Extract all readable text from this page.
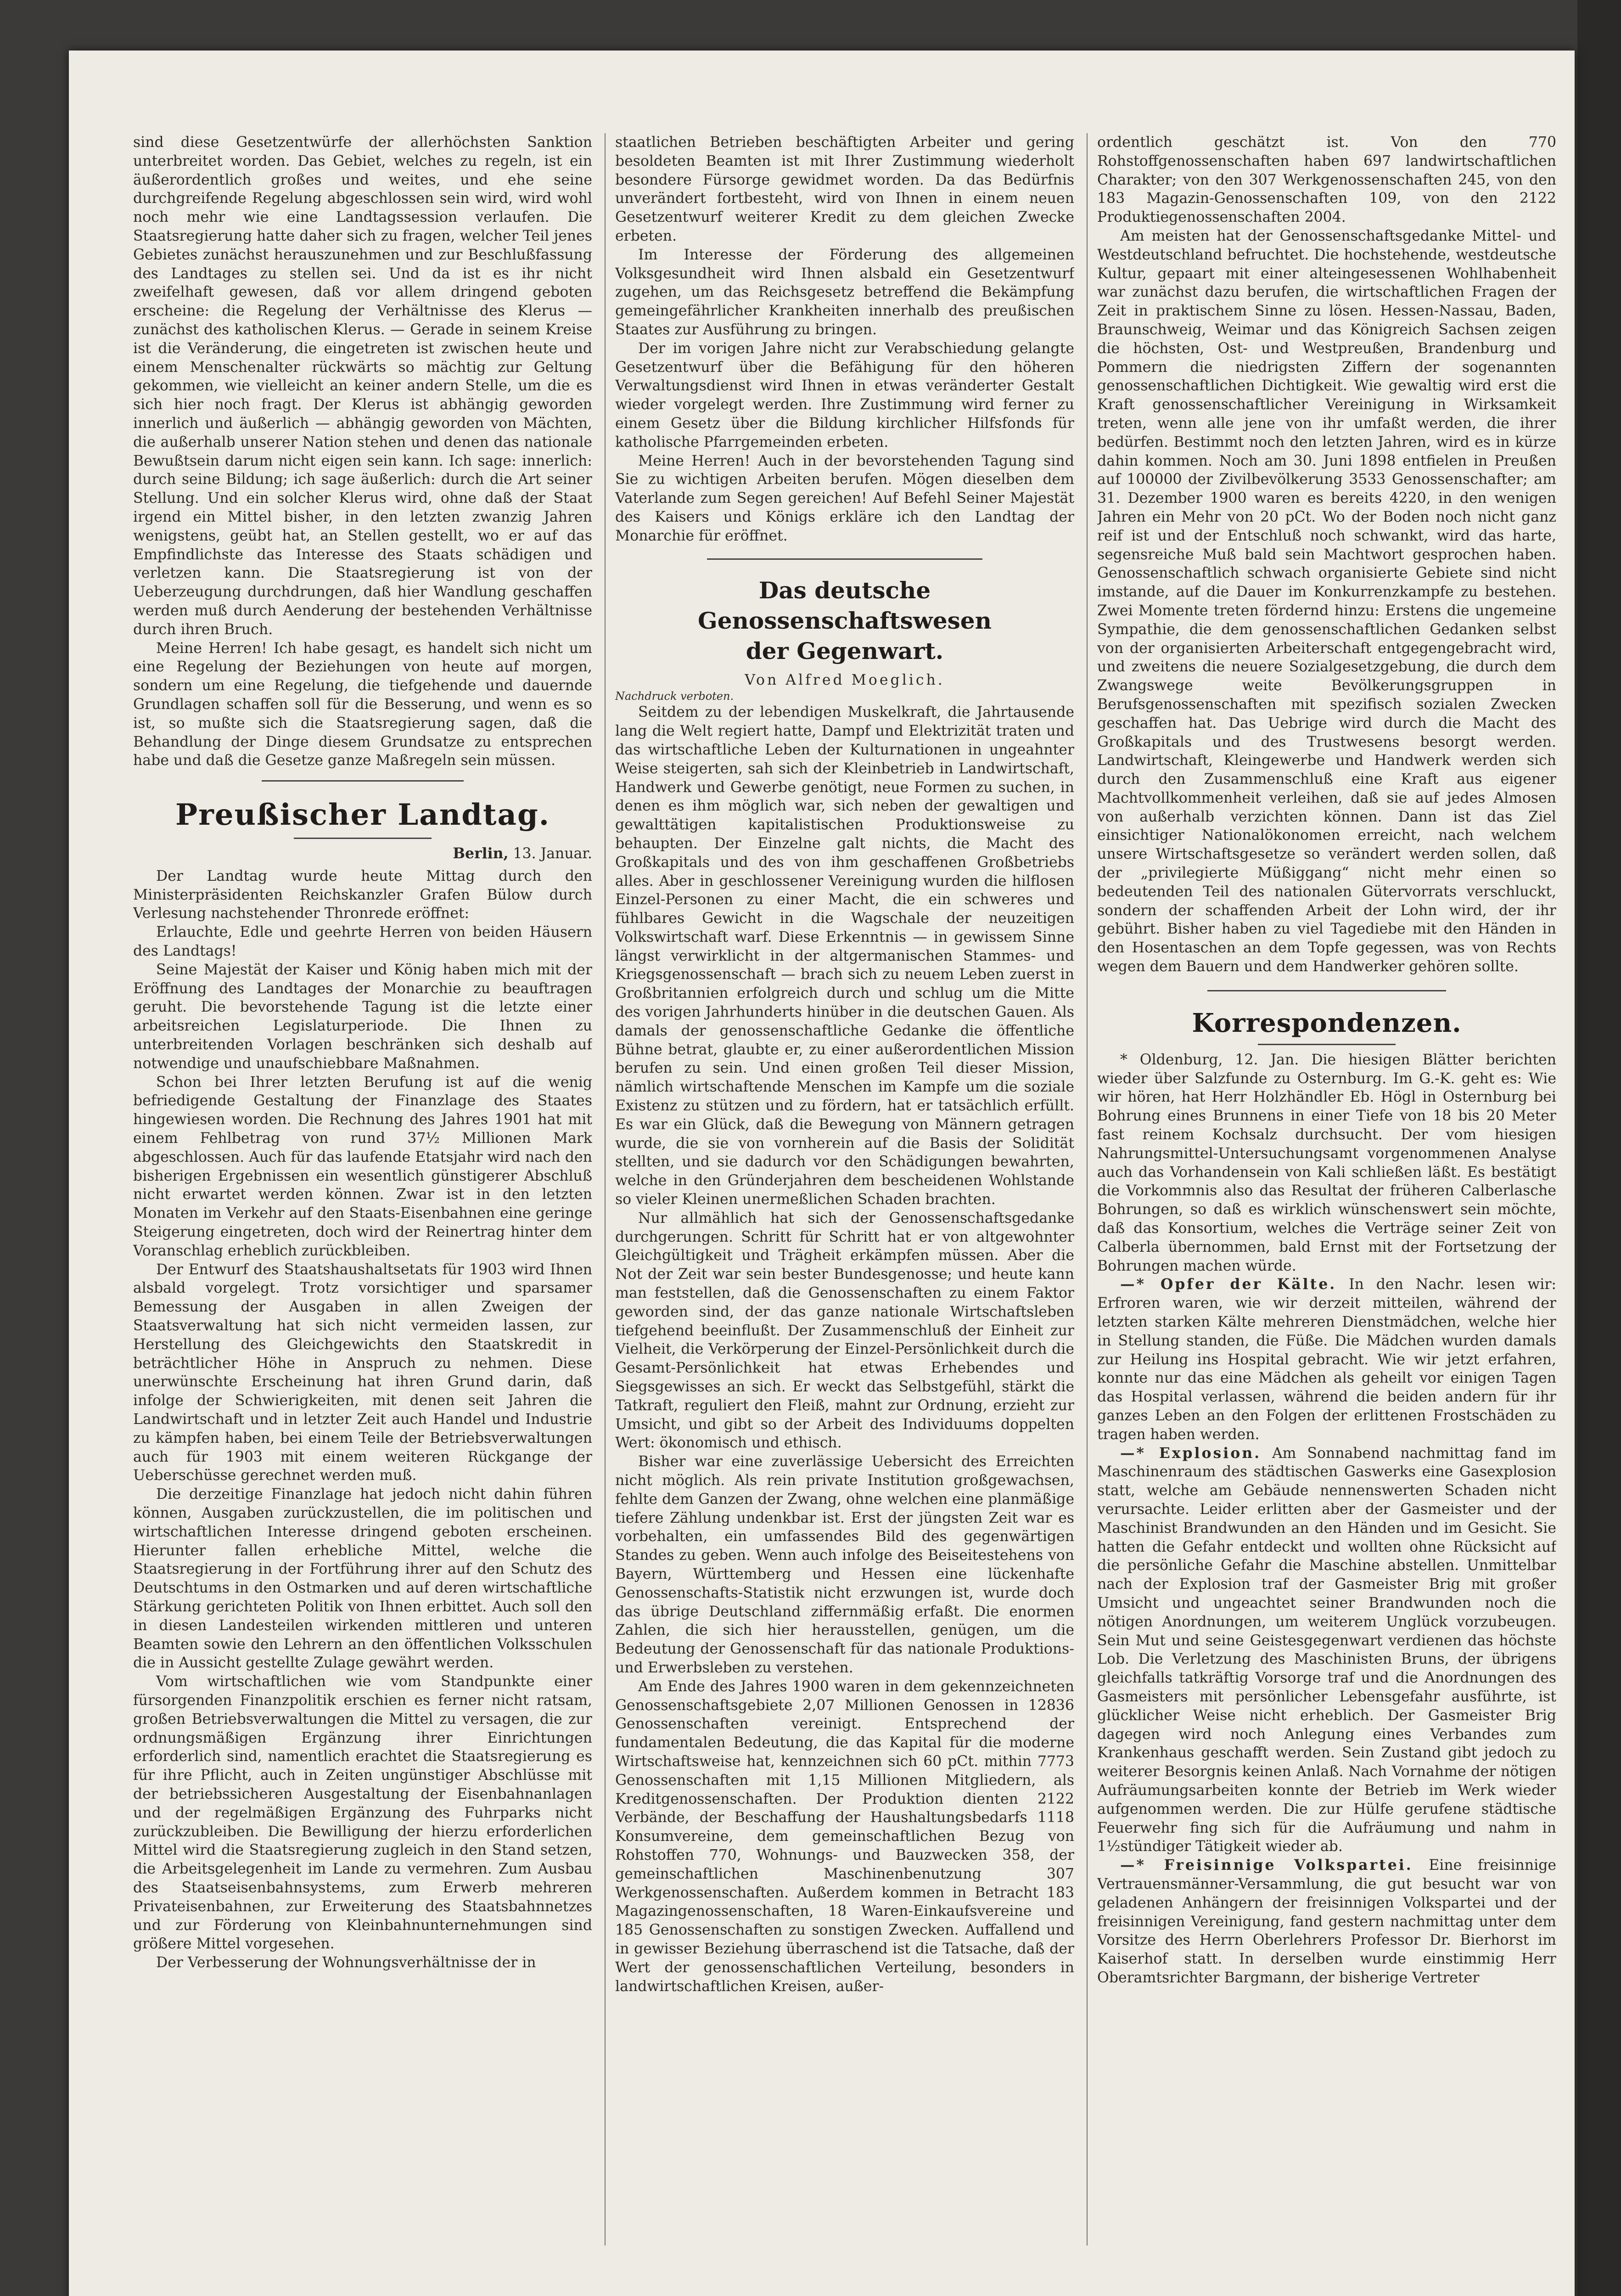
sind diese Gesetzentwürfe der allerhöchsten Sanktion unterbreitet worden. Das Gebiet, welches zu regeln, ist ein äußerordentlich großes und weites, und ehe seine durchgreifende Regelung abgeschlossen sein wird, wird wohl noch mehr wie eine Landtagssession verlaufen. Die Staatsregierung hatte daher sich zu fragen, welcher Teil jenes Gebietes zunächst herauszunehmen und zur Beschlußfassung des Landtages zu stellen sei. Und da ist es ihr nicht zweifelhaft gewesen, daß vor allem dringend geboten erscheine: die Regelung der Verhältnisse des Klerus — zunächst des katholischen Klerus. — Gerade in seinem Kreise ist die Veränderung, die eingetreten ist zwischen heute und einem Menschenalter rückwärts so mächtig zur Geltung gekommen, wie vielleicht an keiner andern Stelle, um die es sich hier noch fragt. Der Klerus ist abhängig geworden innerlich und äußerlich — abhängig geworden von Mächten, die außerhalb unserer Nation stehen und denen das nationale Bewußtsein darum nicht eigen sein kann. Ich sage: innerlich: durch seine Bildung; ich sage äußerlich: durch die Art seiner Stellung. Und ein solcher Klerus wird, ohne daß der Staat irgend ein Mittel bisher, in den letzten zwanzig Jahren wenigstens, geübt hat, an Stellen gestellt, wo er auf das Empfindlichste das Interesse des Staats schädigen und verletzen kann. Die Staatsregierung ist von der Ueberzeugung durchdrungen, daß hier Wandlung geschaffen werden muß durch Aenderung der bestehenden Verhältnisse durch ihren Bruch.

Meine Herren! Ich habe gesagt, es handelt sich nicht um eine Regelung der Beziehungen von heute auf morgen, sondern um eine Regelung, die tiefgehende und dauernde Grundlagen schaffen soll für die Besserung, und wenn es so ist, so mußte sich die Staatsregierung sagen, daß die Behandlung der Dinge diesem Grundsatze zu entsprechen habe und daß die Gesetze ganze Maßregeln sein müssen.

Preußischer Landtag.

Berlin, 13. Januar.

Der Landtag wurde heute Mittag durch den Ministerpräsidenten Reichskanzler Grafen Bülow durch Verlesung nachstehender Thronrede eröffnet:

Erlauchte, Edle und geehrte Herren von beiden Häusern des Landtags!

Seine Majestät der Kaiser und König haben mich mit der Eröffnung des Landtages der Monarchie zu beauftragen geruht. Die bevorstehende Tagung ist die letzte einer arbeitsreichen Legislaturperiode. Die Ihnen zu unterbreitenden Vorlagen beschränken sich deshalb auf notwendige und unaufschiebbare Maßnahmen.

Schon bei Ihrer letzten Berufung ist auf die wenig befriedigende Gestaltung der Finanzlage des Staates hingewiesen worden. Die Rechnung des Jahres 1901 hat mit einem Fehlbetrag von rund 37½ Millionen Mark abgeschlossen. Auch für das laufende Etatsjahr wird nach den bisherigen Ergebnissen ein wesentlich günstigerer Abschluß nicht erwartet werden können. Zwar ist in den letzten Monaten im Verkehr auf den Staats-Eisenbahnen eine geringe Steigerung eingetreten, doch wird der Reinertrag hinter dem Voranschlag erheblich zurückbleiben.

Der Entwurf des Staatshaushaltsetats für 1903 wird Ihnen alsbald vorgelegt. Trotz vorsichtiger und sparsamer Bemessung der Ausgaben in allen Zweigen der Staatsverwaltung hat sich nicht vermeiden lassen, zur Herstellung des Gleichgewichts den Staatskredit in beträchtlicher Höhe in Anspruch zu nehmen. Diese unerwünschte Erscheinung hat ihren Grund darin, daß infolge der Schwierigkeiten, mit denen seit Jahren die Landwirtschaft und in letzter Zeit auch Handel und Industrie zu kämpfen haben, bei einem Teile der Betriebsverwaltungen auch für 1903 mit einem weiteren Rückgange der Ueberschüsse gerechnet werden muß.

Die derzeitige Finanzlage hat jedoch nicht dahin führen können, Ausgaben zurückzustellen, die im politischen und wirtschaftlichen Interesse dringend geboten erscheinen. Hierunter fallen erhebliche Mittel, welche die Staatsregierung in der Fortführung ihrer auf den Schutz des Deutschtums in den Ostmarken und auf deren wirtschaftliche Stärkung gerichteten Politik von Ihnen erbittet. Auch soll den in diesen Landesteilen wirkenden mittleren und unteren Beamten sowie den Lehrern an den öffentlichen Volksschulen die in Aussicht gestellte Zulage gewährt werden.

Vom wirtschaftlichen wie vom Standpunkte einer fürsorgenden Finanzpolitik erschien es ferner nicht ratsam, großen Betriebsverwaltungen die Mittel zu versagen, die zur ordnungsmäßigen Ergänzung ihrer Einrichtungen erforderlich sind, namentlich erachtet die Staatsregierung es für ihre Pflicht, auch in Zeiten ungünstiger Abschlüsse mit der betriebssicheren Ausgestaltung der Eisenbahnanlagen und der regelmäßigen Ergänzung des Fuhrparks nicht zurückzubleiben. Die Bewilligung der hierzu erforderlichen Mittel wird die Staatsregierung zugleich in den Stand setzen, die Arbeitsgelegenheit im Lande zu vermehren. Zum Ausbau des Staatseisenbahnsystems, zum Erwerb mehreren Privateisenbahnen, zur Erweiterung des Staatsbahnnetzes und zur Förderung von Kleinbahnunternehmungen sind größere Mittel vorgesehen.

Der Verbesserung der Wohnungsverhältnisse der in

staatlichen Betrieben beschäftigten Arbeiter und gering besoldeten Beamten ist mit Ihrer Zustimmung wiederholt besondere Fürsorge gewidmet worden. Da das Bedürfnis unverändert fortbesteht, wird von Ihnen in einem neuen Gesetzentwurf weiterer Kredit zu dem gleichen Zwecke erbeten.

Im Interesse der Förderung des allgemeinen Volksgesundheit wird Ihnen alsbald ein Gesetzentwurf zugehen, um das Reichsgesetz betreffend die Bekämpfung gemeingefährlicher Krankheiten innerhalb des preußischen Staates zur Ausführung zu bringen.

Der im vorigen Jahre nicht zur Verabschiedung gelangte Gesetzentwurf über die Befähigung für den höheren Verwaltungsdienst wird Ihnen in etwas veränderter Gestalt wieder vorgelegt werden. Ihre Zustimmung wird ferner zu einem Gesetz über die Bildung kirchlicher Hilfsfonds für katholische Pfarrgemeinden erbeten.

Meine Herren! Auch in der bevorstehenden Tagung sind Sie zu wichtigen Arbeiten berufen. Mögen dieselben dem Vaterlande zum Segen gereichen! Auf Befehl Seiner Majestät des Kaisers und Königs erkläre ich den Landtag der Monarchie für eröffnet.

Das deutsche Genossenschaftswesen
der Gegenwart.

Von Alfred Moeglich.

Nachdruck verboten.

Seitdem zu der lebendigen Muskelkraft, die Jahrtausende lang die Welt regiert hatte, Dampf und Elektrizität traten und das wirtschaftliche Leben der Kulturnationen in ungeahnter Weise steigerten, sah sich der Kleinbetrieb in Landwirtschaft, Handwerk und Gewerbe genötigt, neue Formen zu suchen, in denen es ihm möglich war, sich neben der gewaltigen und gewalttätigen kapitalistischen Produktionsweise zu behaupten. Der Einzelne galt nichts, die Macht des Großkapitals und des von ihm geschaffenen Großbetriebs alles. Aber in geschlossener Vereinigung wurden die hilflosen Einzel-Personen zu einer Macht, die ein schweres und fühlbares Gewicht in die Wagschale der neuzeitigen Volkswirtschaft warf. Diese Erkenntnis — in gewissem Sinne längst verwirklicht in der altgermanischen Stammes- und Kriegsgenossenschaft — brach sich zu neuem Leben zuerst in Großbritannien erfolgreich durch und schlug um die Mitte des vorigen Jahrhunderts hinüber in die deutschen Gauen. Als damals der genossenschaftliche Gedanke die öffentliche Bühne betrat, glaubte er, zu einer außerordentlichen Mission berufen zu sein. Und einen großen Teil dieser Mission, nämlich wirtschaftende Menschen im Kampfe um die soziale Existenz zu stützen und zu fördern, hat er tatsächlich erfüllt. Es war ein Glück, daß die Bewegung von Männern getragen wurde, die sie von vornherein auf die Basis der Solidität stellten, und sie dadurch vor den Schädigungen bewahrten, welche in den Gründerjahren dem bescheidenen Wohlstande so vieler Kleinen unermeßlichen Schaden brachten.

Nur allmählich hat sich der Genossenschaftsgedanke durchgerungen. Schritt für Schritt hat er von altgewohnter Gleichgültigkeit und Trägheit erkämpfen müssen. Aber die Not der Zeit war sein bester Bundesgenosse; und heute kann man feststellen, daß die Genossenschaften zu einem Faktor geworden sind, der das ganze nationale Wirtschaftsleben tiefgehend beeinflußt. Der Zusammenschluß der Einheit zur Vielheit, die Verkörperung der Einzel-Persönlichkeit durch die Gesamt-Persönlichkeit hat etwas Erhebendes und Siegsgewisses an sich. Er weckt das Selbstgefühl, stärkt die Tatkraft, reguliert den Fleiß, mahnt zur Ordnung, erzieht zur Umsicht, und gibt so der Arbeit des Individuums doppelten Wert: ökonomisch und ethisch.

Bisher war eine zuverlässige Uebersicht des Erreichten nicht möglich. Als rein private Institution großgewachsen, fehlte dem Ganzen der Zwang, ohne welchen eine planmäßige tiefere Zählung undenkbar ist. Erst der jüngsten Zeit war es vorbehalten, ein umfassendes Bild des gegenwärtigen Standes zu geben. Wenn auch infolge des Beiseitestehens von Bayern, Württemberg und Hessen eine lückenhafte Genossenschafts-Statistik nicht erzwungen ist, wurde doch das übrige Deutschland ziffernmäßig erfaßt. Die enormen Zahlen, die sich hier herausstellen, genügen, um die Bedeutung der Genossenschaft für das nationale Produktions- und Erwerbsleben zu verstehen.

Am Ende des Jahres 1900 waren in dem gekennzeichneten Genossenschaftsgebiete 2,07 Millionen Genossen in 12836 Genossenschaften vereinigt. Entsprechend der fundamentalen Bedeutung, die das Kapital für die moderne Wirtschaftsweise hat, kennzeichnen sich 60 pCt. mithin 7773 Genossenschaften mit 1,15 Millionen Mitgliedern, als Kreditgenossenschaften. Der Produktion dienten 2122 Verbände, der Beschaffung der Haushaltungsbedarfs 1118 Konsumvereine, dem gemeinschaftlichen Bezug von Rohstoffen 770, Wohnungs- und Bauzwecken 358, der gemeinschaftlichen Maschinenbenutzung 307 Werkgenossenschaften. Außerdem kommen in Betracht 183 Magazingenossenschaften, 18 Waren-Einkaufsvereine und 185 Genossenschaften zu sonstigen Zwecken. Auffallend und in gewisser Beziehung überraschend ist die Tatsache, daß der Wert der genossenschaftlichen Verteilung, besonders in landwirtschaftlichen Kreisen, außer-

ordentlich geschätzt ist. Von den 770 Rohstoffgenossenschaften haben 697 landwirtschaftlichen Charakter; von den 307 Werkgenossenschaften 245, von den 183 Magazin-Genossenschaften 109, von den 2122 Produktiegenossenschaften 2004.

Am meisten hat der Genossenschaftsgedanke Mittel- und Westdeutschland befruchtet. Die hochstehende, westdeutsche Kultur, gepaart mit einer alteingesessenen Wohlhabenheit war zunächst dazu berufen, die wirtschaftlichen Fragen der Zeit in praktischem Sinne zu lösen. Hessen-Nassau, Baden, Braunschweig, Weimar und das Königreich Sachsen zeigen die höchsten, Ost- und Westpreußen, Brandenburg und Pommern die niedrigsten Ziffern der sogenannten genossenschaftlichen Dichtigkeit. Wie gewaltig wird erst die Kraft genossenschaftlicher Vereinigung in Wirksamkeit treten, wenn alle jene von ihr umfaßt werden, die ihrer bedürfen. Bestimmt noch den letzten Jahren, wird es in kürze dahin kommen. Noch am 30. Juni 1898 entfielen in Preußen auf 100000 der Zivilbevölkerung 3533 Genossenschafter; am 31. Dezember 1900 waren es bereits 4220, in den wenigen Jahren ein Mehr von 20 pCt. Wo der Boden noch nicht ganz reif ist und der Entschluß noch schwankt, wird das harte, segensreiche Muß bald sein Machtwort gesprochen haben. Genossenschaftlich schwach organisierte Gebiete sind nicht imstande, auf die Dauer im Konkurrenzkampfe zu bestehen. Zwei Momente treten fördernd hinzu: Erstens die ungemeine Sympathie, die dem genossenschaftlichen Gedanken selbst von der organisierten Arbeiterschaft entgegengebracht wird, und zweitens die neuere Sozialgesetzgebung, die durch dem Zwangswege weite Bevölkerungsgruppen in Berufsgenossenschaften mit spezifisch sozialen Zwecken geschaffen hat. Das Uebrige wird durch die Macht des Großkapitals und des Trustwesens besorgt werden. Landwirtschaft, Kleingewerbe und Handwerk werden sich durch den Zusammenschluß eine Kraft aus eigener Machtvollkommenheit verleihen, daß sie auf jedes Almosen von außerhalb verzichten können. Dann ist das Ziel einsichtiger Nationalökonomen erreicht, nach welchem unsere Wirtschaftsgesetze so verändert werden sollen, daß der „privilegierte Müßiggang“ nicht mehr einen so bedeutenden Teil des nationalen Gütervorrats verschluckt, sondern der schaffenden Arbeit der Lohn wird, der ihr gebührt. Bisher haben zu viel Tagediebe mit den Händen in den Hosentaschen an dem Topfe gegessen, was von Rechts wegen dem Bauern und dem Handwerker gehören sollte.

Korrespondenzen.

* Oldenburg, 12. Jan. Die hiesigen Blätter berichten wieder über Salzfunde zu Osternburg. Im G.-K. geht es: Wie wir hören, hat Herr Holzhändler Eb. Högl in Osternburg bei Bohrung eines Brunnens in einer Tiefe von 18 bis 20 Meter fast reinem Kochsalz durchsucht. Der vom hiesigen Nahrungsmittel-Untersuchungsamt vorgenommenen Analyse auch das Vorhandensein von Kali schließen läßt. Es bestätigt die Vorkommnis also das Resultat der früheren Calberlasche Bohrungen, so daß es wirklich wünschenswert sein möchte, daß das Konsortium, welches die Verträge seiner Zeit von Calberla übernommen, bald Ernst mit der Fortsetzung der Bohrungen machen würde.

—* Opfer der Kälte. In den Nachr. lesen wir: Erfroren waren, wie wir derzeit mitteilen, während der letzten starken Kälte mehreren Dienstmädchen, welche hier in Stellung standen, die Füße. Die Mädchen wurden damals zur Heilung ins Hospital gebracht. Wie wir jetzt erfahren, konnte nur das eine Mädchen als geheilt vor einigen Tagen das Hospital verlassen, während die beiden andern für ihr ganzes Leben an den Folgen der erlittenen Frostschäden zu tragen haben werden.

—* Explosion. Am Sonnabend nachmittag fand im Maschinenraum des städtischen Gaswerks eine Gasexplosion statt, welche am Gebäude nennenswerten Schaden nicht verursachte. Leider erlitten aber der Gasmeister und der Maschinist Brandwunden an den Händen und im Gesicht. Sie hatten die Gefahr entdeckt und wollten ohne Rücksicht auf die persönliche Gefahr die Maschine abstellen. Unmittelbar nach der Explosion traf der Gasmeister Brig mit großer Umsicht und ungeachtet seiner Brandwunden noch die nötigen Anordnungen, um weiterem Unglück vorzubeugen. Sein Mut und seine Geistesgegenwart verdienen das höchste Lob. Die Verletzung des Maschinisten Bruns, der übrigens gleichfalls tatkräftig Vorsorge traf und die Anordnungen des Gasmeisters mit persönlicher Lebensgefahr ausführte, ist glücklicher Weise nicht erheblich. Der Gasmeister Brig dagegen wird noch Anlegung eines Verbandes zum Krankenhaus geschafft werden. Sein Zustand gibt jedoch zu weiterer Besorgnis keinen Anlaß. Nach Vornahme der nötigen Aufräumungsarbeiten konnte der Betrieb im Werk wieder aufgenommen werden. Die zur Hülfe gerufene städtische Feuerwehr fing sich für die Aufräumung und nahm in 1½stündiger Tätigkeit wieder ab.

—* Freisinnige Volkspartei. Eine freisinnige Vertrauensmänner-Versammlung, die gut besucht war von geladenen Anhängern der freisinnigen Volkspartei und der freisinnigen Vereinigung, fand gestern nachmittag unter dem Vorsitze des Herrn Oberlehrers Professor Dr. Bierhorst im Kaiserhof statt. In derselben wurde einstimmig Herr Oberamtsrichter Bargmann, der bisherige Vertreter
